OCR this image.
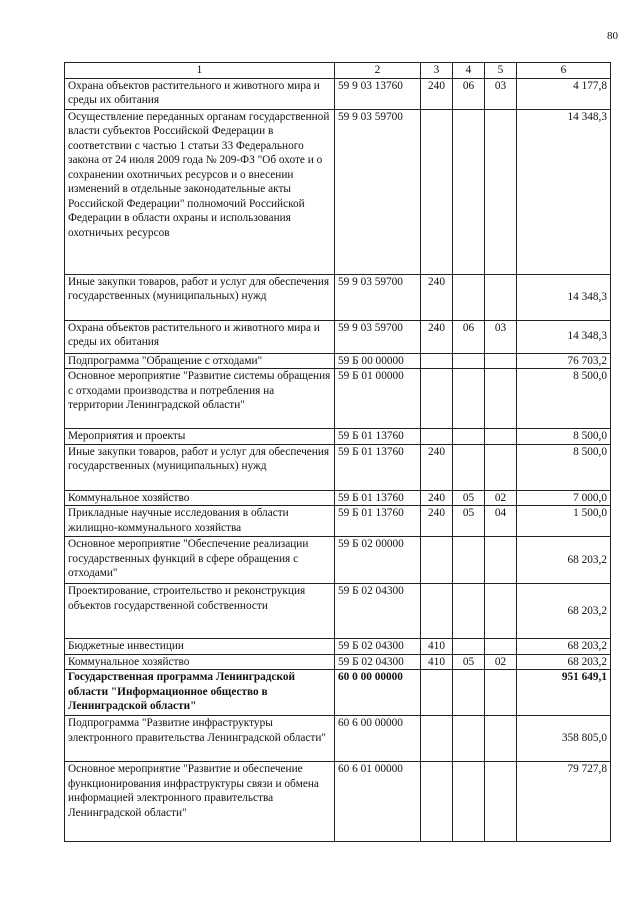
80
1	2	3	4	5	6
Охрана объектов растительного и животного мира и среды их обитания	59 9 03 13760	240	06	03	4 177,8
Осуществление переданных органам государственной власти субъектов Российской Федерации в соответствии с частью 1 статьи 33 Федерального закона от 24 июля 2009 года № 209-ФЗ "Об охоте и о сохранении охотничьих ресурсов и о внесении изменений в отдельные законодательные акты Российской Федерации" полномочий Российской Федерации в области охраны и использования охотничьих ресурсов	59 9 03 59700				14 348,3
Иные закупки товаров, работ и услуг для обеспечения государственных (муниципальных) нужд	59 9 03 59700	240			14 348,3
Охрана объектов растительного и животного мира и среды их обитания	59 9 03 59700	240	06	03	14 348,3
Подпрограмма "Обращение с отходами"	59 Б 00 00000				76 703,2
Основное мероприятие "Развитие системы обращения с отходами производства и потребления на территории Ленинградской области"	59 Б 01 00000				8 500,0
Мероприятия и проекты	59 Б 01 13760				8 500,0
Иные закупки товаров, работ и услуг для обеспечения государственных (муниципальных) нужд	59 Б 01 13760	240			8 500,0
Коммунальное хозяйство	59 Б 01 13760	240	05	02	7 000,0
Прикладные научные исследования в области жилищно-коммунального хозяйства	59 Б 01 13760	240	05	04	1 500,0
Основное мероприятие "Обеспечение реализации государственных функций в сфере обращения с отходами"	59 Б 02 00000				68 203,2
Проектирование, строительство и реконструкция объектов государственной собственности	59 Б 02 04300				68 203,2
Бюджетные инвестиции	59 Б 02 04300	410			68 203,2
Коммунальное хозяйство	59 Б 02 04300	410	05	02	68 203,2
Государственная программа Ленинградской области "Информационное общество в Ленинградской области"	60 0 00 00000				951 649,1
Подпрограмма "Развитие инфраструктуры электронного правительства Ленинградской области"	60 6 00 00000				358 805,0
Основное мероприятие "Развитие и обеспечение функционирования инфраструктуры связи и обмена информацией электронного правительства Ленинградской области"	60 6 01 00000				79 727,8
